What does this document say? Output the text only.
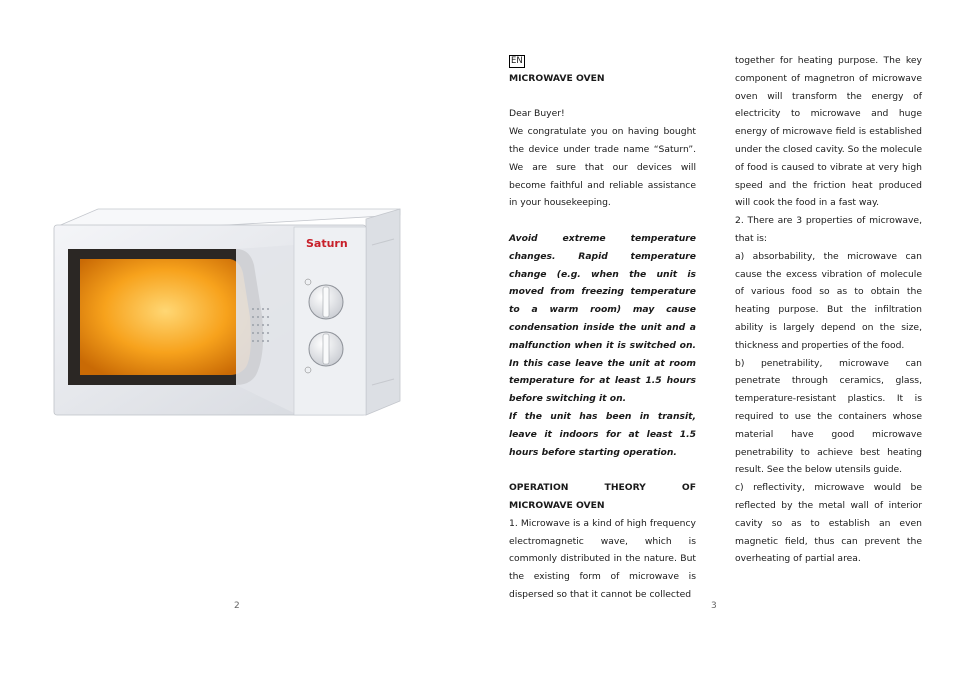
Saturn
2

EN

MICROWAVE OVEN

Dear Buyer!

We congratulate you on having bought the device under trade name “Saturn”. We are sure that our devices will become faithful and reliable assistance in your housekeeping.

Avoid extreme temperature changes. Rapid temperature change (e.g. when the unit is moved from freezing temperature to a warm room) may cause condensation inside the unit and a malfunction when it is switched on. In this case leave the unit at room temperature for at least 1.5 hours before switching it on.

If the unit has been in transit, leave it indoors for at least 1.5 hours before starting operation.

OPERATION THEORY OF MICROWAVE OVEN

1. Microwave is a kind of high frequency electromagnetic wave, which is commonly distributed in the nature. But the existing form of microwave is dispersed so that it cannot be collected

together for heating purpose. The key component of magnetron of microwave oven will transform the energy of electricity to microwave and huge energy of microwave field is established under the closed cavity. So the molecule of food is caused to vibrate at very high speed and the friction heat produced will cook the food in a fast way.

2. There are 3 properties of microwave, that is:

a) absorbability, the microwave can cause the excess vibration of molecule of various food so as to obtain the heating purpose. But the infiltration ability is largely depend on the size, thickness and properties of the food.

b) penetrability, microwave can penetrate through ceramics, glass, temperature-resistant plastics. It is required to use the containers whose material have good microwave penetrability to achieve best heating result. See the below utensils guide.

c) reflectivity, microwave would be reflected by the metal wall of interior cavity so as to establish an even magnetic field, thus can prevent the overheating of partial area.

3
